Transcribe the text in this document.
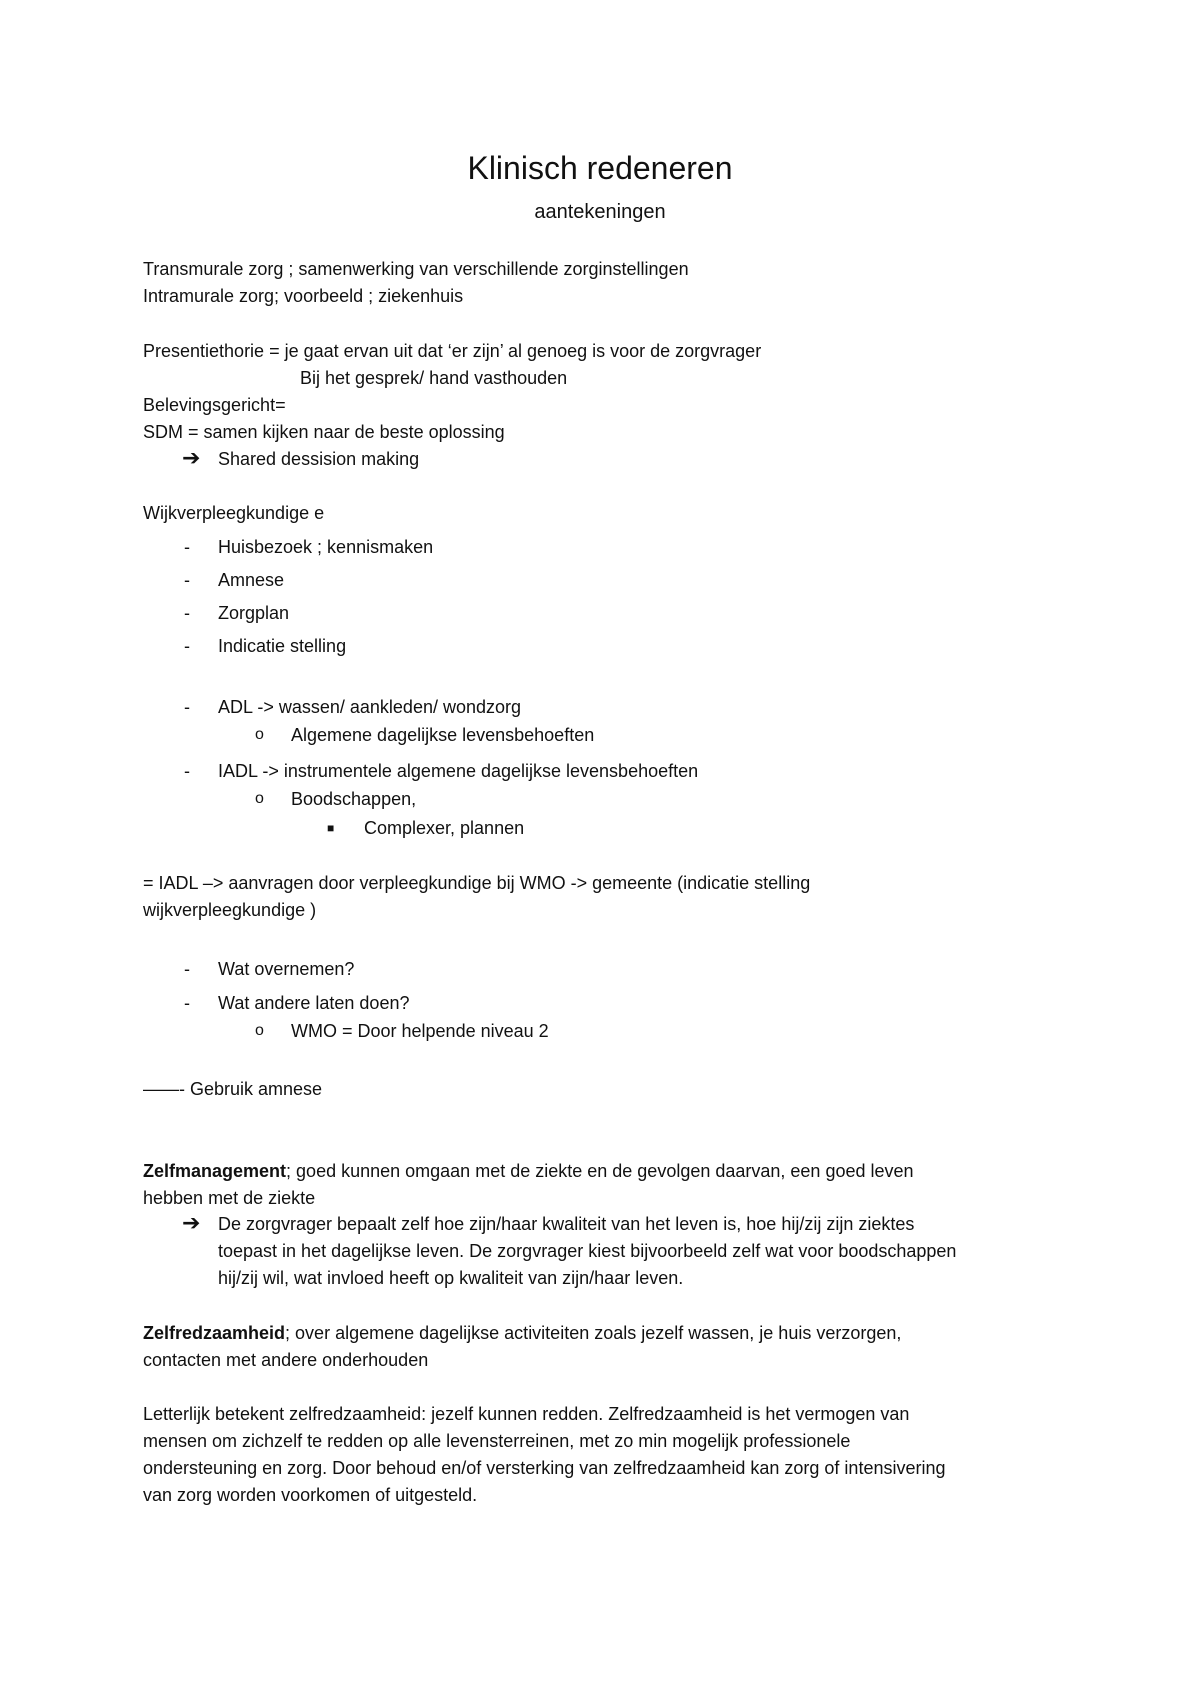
Klinisch redeneren
aantekeningen
Transmurale zorg ; samenwerking van verschillende zorginstellingen
Intramurale zorg; voorbeeld ; ziekenhuis
Presentiethorie = je gaat ervan uit dat ‘er zijn’ al genoeg is voor de zorgvrager
Bij het gesprek/ hand vasthouden
Belevingsgericht=
SDM = samen kijken naar de beste oplossing
➔ Shared dessision making
Wijkverpleegkundige e
- Huisbezoek ; kennismaken
- Amnese
- Zorgplan
- Indicatie stelling
- ADL -> wassen/ aankleden/ wondzorg
o Algemene dagelijkse levensbehoeften
- IADL -> instrumentele algemene dagelijkse levensbehoeften
o Boodschappen,
■ Complexer, plannen
= IADL –> aanvragen door verpleegkundige bij WMO -> gemeente (indicatie stelling
wijkverpleegkundige )
- Wat overnemen?
- Wat andere laten doen?
o WMO = Door helpende niveau 2
——- Gebruik amnese
Zelfmanagement; goed kunnen omgaan met de ziekte en de gevolgen daarvan, een goed leven
hebben met de ziekte
➔ De zorgvrager bepaalt zelf hoe zijn/haar kwaliteit van het leven is, hoe hij/zij zijn ziektes
toepast in het dagelijkse leven. De zorgvrager kiest bijvoorbeeld zelf wat voor boodschappen
hij/zij wil, wat invloed heeft op kwaliteit van zijn/haar leven.
Zelfredzaamheid; over algemene dagelijkse activiteiten zoals jezelf wassen, je huis verzorgen,
contacten met andere onderhouden
Letterlijk betekent zelfredzaamheid: jezelf kunnen redden. Zelfredzaamheid is het vermogen van
mensen om zichzelf te redden op alle levensterreinen, met zo min mogelijk professionele
ondersteuning en zorg. Door behoud en/of versterking van zelfredzaamheid kan zorg of intensivering
van zorg worden voorkomen of uitgesteld.
